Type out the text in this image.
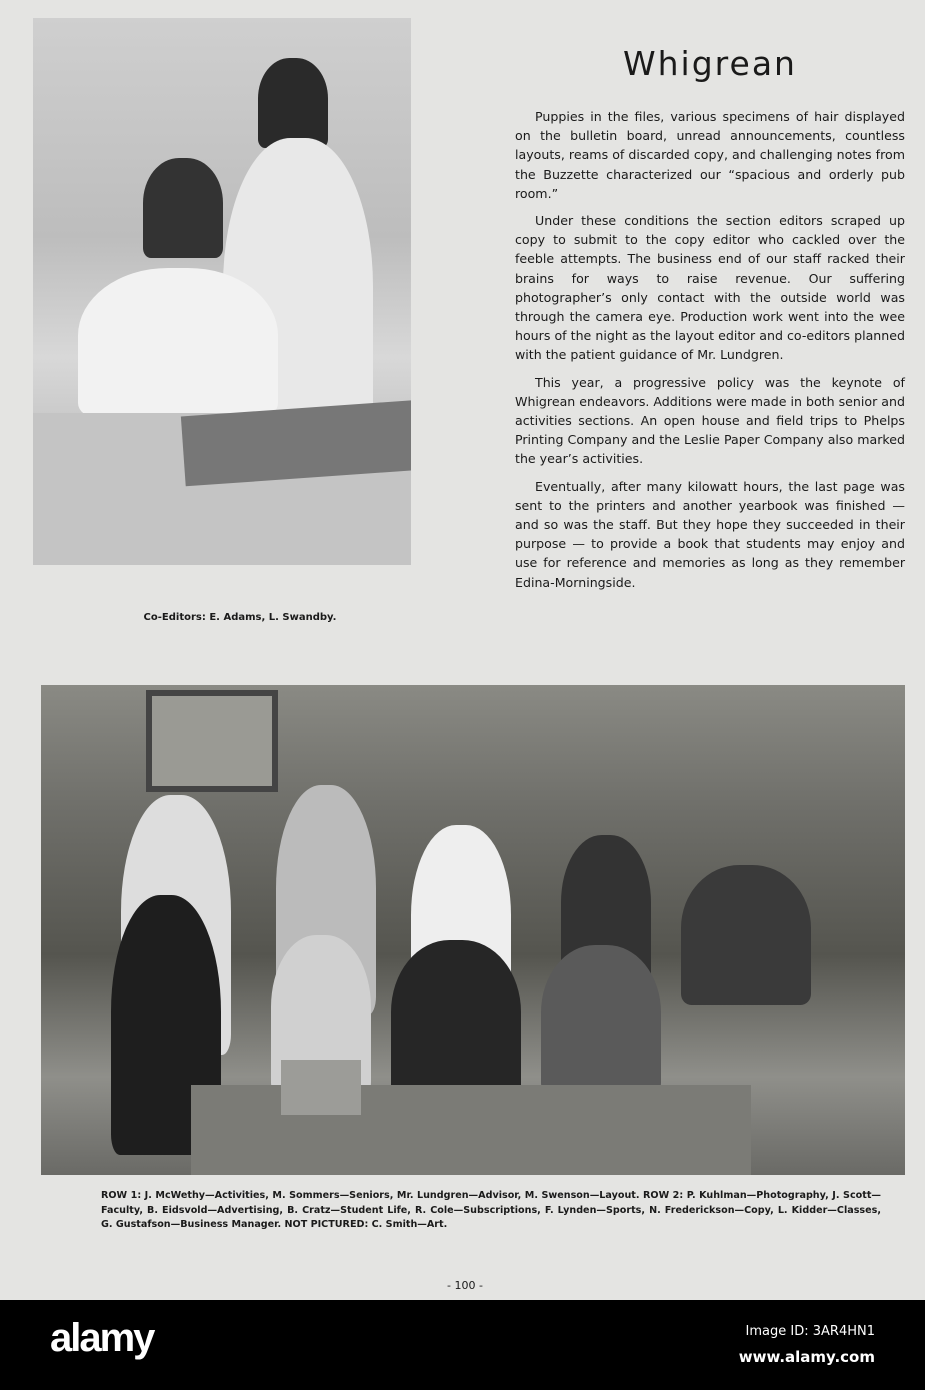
Whigrean

Puppies in the files, various specimens of hair displayed on the bulletin board, unread announcements, countless layouts, reams of discarded copy, and challenging notes from the Buzzette characterized our “spacious and orderly pub room.”

Under these conditions the section editors scraped up copy to submit to the copy editor who cackled over the feeble attempts. The business end of our staff racked their brains for ways to raise revenue. Our suffering photographer’s only contact with the outside world was through the camera eye. Production work went into the wee hours of the night as the layout editor and co-editors planned with the patient guidance of Mr. Lundgren.

This year, a progressive policy was the keynote of Whigrean endeavors. Additions were made in both senior and activities sections. An open house and field trips to Phelps Printing Company and the Leslie Paper Company also marked the year’s activities.

Eventually, after many kilowatt hours, the last page was sent to the printers and another yearbook was finished — and so was the staff. But they hope they succeeded in their purpose — to provide a book that students may enjoy and use for reference and memories as long as they remember Edina-Morningside.

Co-Editors: E. Adams, L. Swandby.
ROW 1: J. McWethy—Activities, M. Sommers—Seniors, Mr. Lundgren—Advisor, M. Swenson—Layout. ROW 2: P. Kuhlman—Photography, J. Scott—Faculty, B. Eidsvold—Advertising, B. Cratz—Student Life, R. Cole—Subscriptions, F. Lynden—Sports, N. Frederickson—Copy, L. Kidder—Classes, G. Gustafson—Business Manager. NOT PICTURED: C. Smith—Art.
- 100 -
alamy	Image ID: 3AR4HN1
www.alamy.com
